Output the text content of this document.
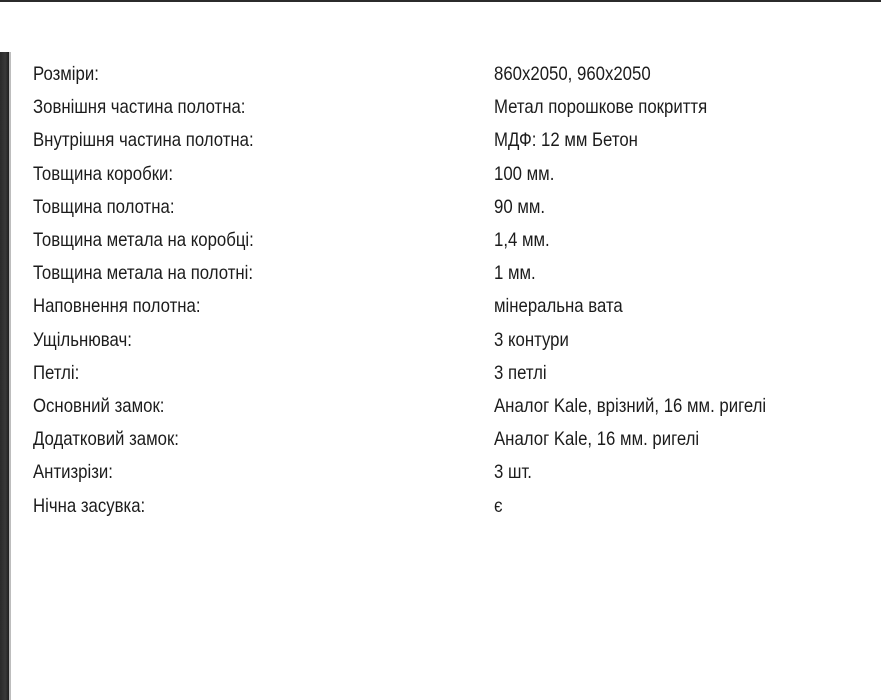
Розміри:	860х2050, 960х2050
Зовнішня частина полотна:	Метал порошкове покриття
Внутрішня частина полотна:	МДФ: 12 мм Бетон
Товщина коробки:	100 мм.
Товщина полотна:	90 мм.
Товщина метала на коробці:	1,4 мм.
Товщина метала на полотні:	1 мм.
Наповнення полотна:	мінеральна вата
Ущільнювач:	3 контури
Петлі:	3 петлі
Основний замок:	Аналог Kale, врізний, 16 мм. ригелі
Додатковий замок:	Аналог Kale, 16 мм. ригелі
Антизрізи:	3 шт.
Нічна засувка:	є
